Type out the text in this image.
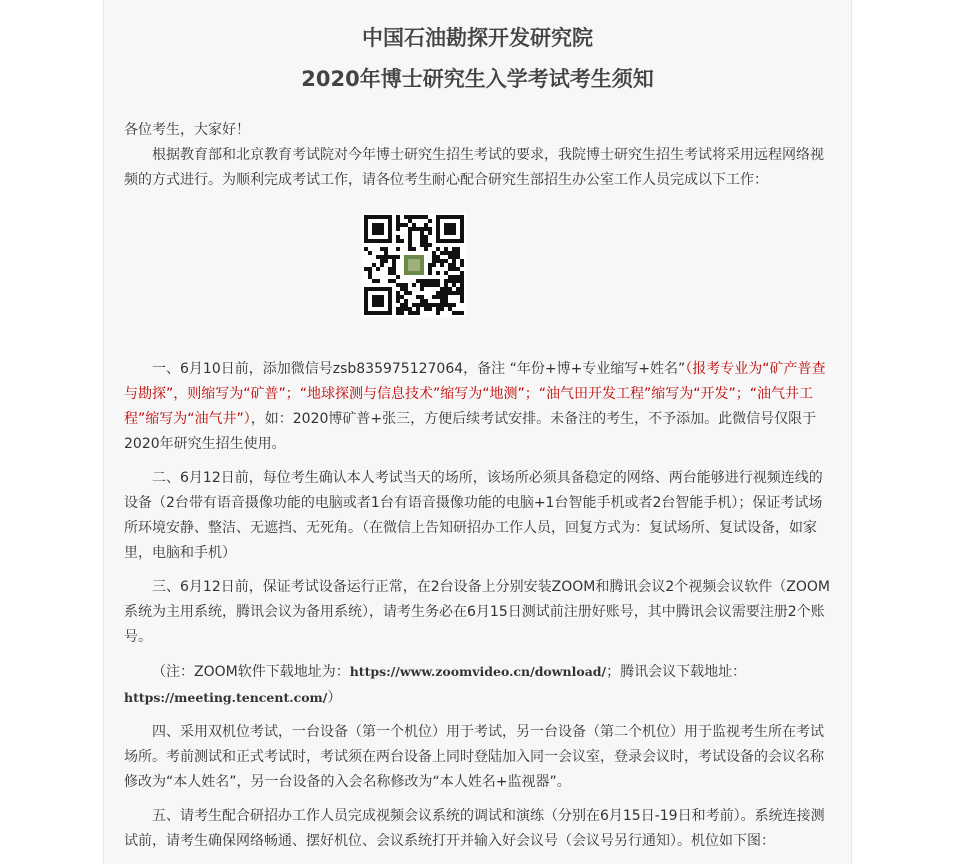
中国石油勘探开发研究院
2020年博士研究生入学考试考生须知

各位考生，大家好！

根据教育部和北京教育考试院对今年博士研究生招生考试的要求，我院博士研究生招生考试将采用远程网络视频的方式进行。为顺利完成考试工作，请各位考生耐心配合研究生部招生办公室工作人员完成以下工作：

一、6月10日前，添加微信号zsb835975127064，备注 “年份+博+专业缩写+姓名”（报考专业为“矿产普查与勘探”，则缩写为“矿普”；“地球探测与信息技术”缩写为“地测”；“油气田开发工程”缩写为“开发”；“油气井工程”缩写为“油气井”），如：2020博矿普+张三，方便后续考试安排。未备注的考生，不予添加。此微信号仅限于2020年研究生招生使用。

二、6月12日前，每位考生确认本人考试当天的场所，该场所必须具备稳定的网络、两台能够进行视频连线的设备（2台带有语音摄像功能的电脑或者1台有语音摄像功能的电脑+1台智能手机或者2台智能手机）；保证考试场所环境安静、整洁、无遮挡、无死角。（在微信上告知研招办工作人员，回复方式为：复试场所、复试设备，如家里，电脑和手机）

三、6月12日前，保证考试设备运行正常，在2台设备上分别安装ZOOM和腾讯会议2个视频会议软件（ZOOM系统为主用系统，腾讯会议为备用系统），请考生务必在6月15日测试前注册好账号，其中腾讯会议需要注册2个账号。

（注：ZOOM软件下载地址为：https://www.zoomvideo.cn/download/；腾讯会议下载地址：https://meeting.tencent.com/）

四、采用双机位考试，一台设备（第一个机位）用于考试，另一台设备（第二个机位）用于监视考生所在考试场所。考前测试和正式考试时，考试须在两台设备上同时登陆加入同一会议室，登录会议时，考试设备的会议名称修改为“本人姓名”，另一台设备的入会名称修改为“本人姓名+监视器”。

五、请考生配合研招办工作人员完成视频会议系统的调试和演练（分别在6月15日-19日和考前）。系统连接测试前，请考生确保网络畅通、摆好机位、会议系统打开并输入好会议号（会议号另行通知）。机位如下图：
